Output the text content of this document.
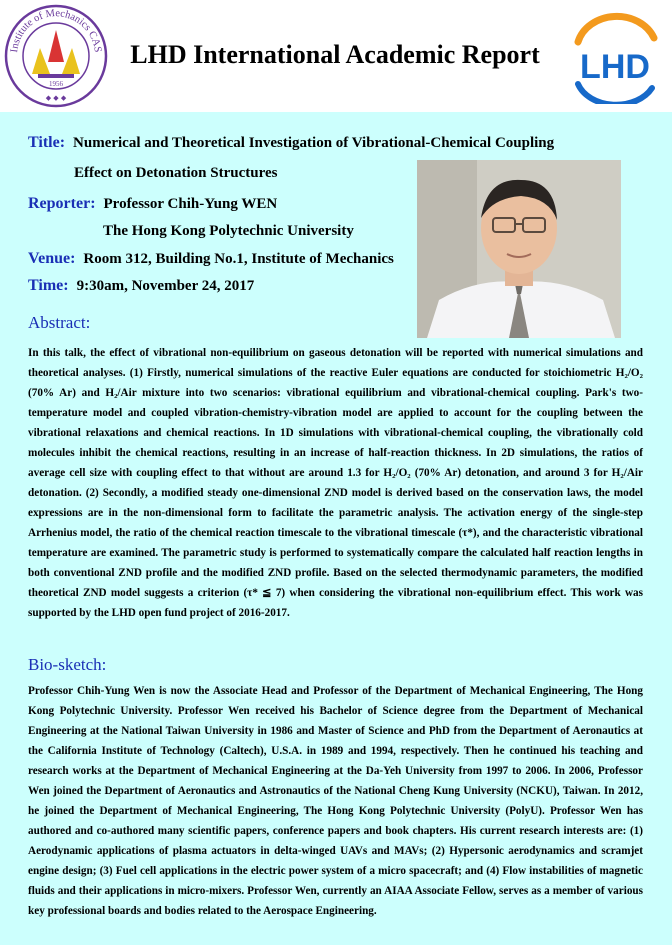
Institute of Mechanics CAS
1956
◆ ◆ ◆
LHD International Academic Report	LHD
Title: Numerical and Theoretical Investigation of Vibrational-Chemical Coupling
Effect on Detonation Structures
Reporter: Professor Chih-Yung WEN
The Hong Kong Polytechnic University
Venue: Room 312, Building No.1, Institute of Mechanics
Time: 9:30am, November 24, 2017
Abstract:
In this talk, the effect of vibrational non-equilibrium on gaseous detonation will be reported with numerical simulations and theoretical analyses. (1) Firstly, numerical simulations of the reactive Euler equations are conducted for stoichiometric H₂/O₂ (70% Ar) and H₂/Air mixture into two scenarios: vibrational equilibrium and vibrational-chemical coupling. Park's two-temperature model and coupled vibration-chemistry-vibration model are applied to account for the coupling between the vibrational relaxations and chemical reactions. In 1D simulations with vibrational-chemical coupling, the vibrationally cold molecules inhibit the chemical reactions, resulting in an increase of half-reaction thickness. In 2D simulations, the ratios of average cell size with coupling effect to that without are around 1.3 for H₂/O₂ (70% Ar) detonation, and around 3 for H₂/Air detonation. (2) Secondly, a modified steady one-dimensional ZND model is derived based on the conservation laws, the model expressions are in the non-dimensional form to facilitate the parametric analysis. The activation energy of the single-step Arrhenius model, the ratio of the chemical reaction timescale to the vibrational timescale (τ*), and the characteristic vibrational temperature are examined. The parametric study is performed to systematically compare the calculated half reaction lengths in both conventional ZND profile and the modified ZND profile. Based on the selected thermodynamic parameters, the modified theoretical ZND model suggests a criterion (τ* ≦ 7) when considering the vibrational non-equilibrium effect. This work was supported by the LHD open fund project of 2016-2017.
Bio-sketch:
Professor Chih-Yung Wen is now the Associate Head and Professor of the Department of Mechanical Engineering, The Hong Kong Polytechnic University. Professor Wen received his Bachelor of Science degree from the Department of Mechanical Engineering at the National Taiwan University in 1986 and Master of Science and PhD from the Department of Aeronautics at the California Institute of Technology (Caltech), U.S.A. in 1989 and 1994, respectively. Then he continued his teaching and research works at the Department of Mechanical Engineering at the Da-Yeh University from 1997 to 2006. In 2006, Professor Wen joined the Department of Aeronautics and Astronautics of the National Cheng Kung University (NCKU), Taiwan. In 2012, he joined the Department of Mechanical Engineering, The Hong Kong Polytechnic University (PolyU). Professor Wen has authored and co-authored many scientific papers, conference papers and book chapters. His current research interests are: (1) Aerodynamic applications of plasma actuators in delta-winged UAVs and MAVs; (2) Hypersonic aerodynamics and scramjet engine design; (3) Fuel cell applications in the electric power system of a micro spacecraft; and (4) Flow instabilities of magnetic fluids and their applications in micro-mixers. Professor Wen, currently an AIAA Associate Fellow, serves as a member of various key professional boards and bodies related to the Aerospace Engineering.
